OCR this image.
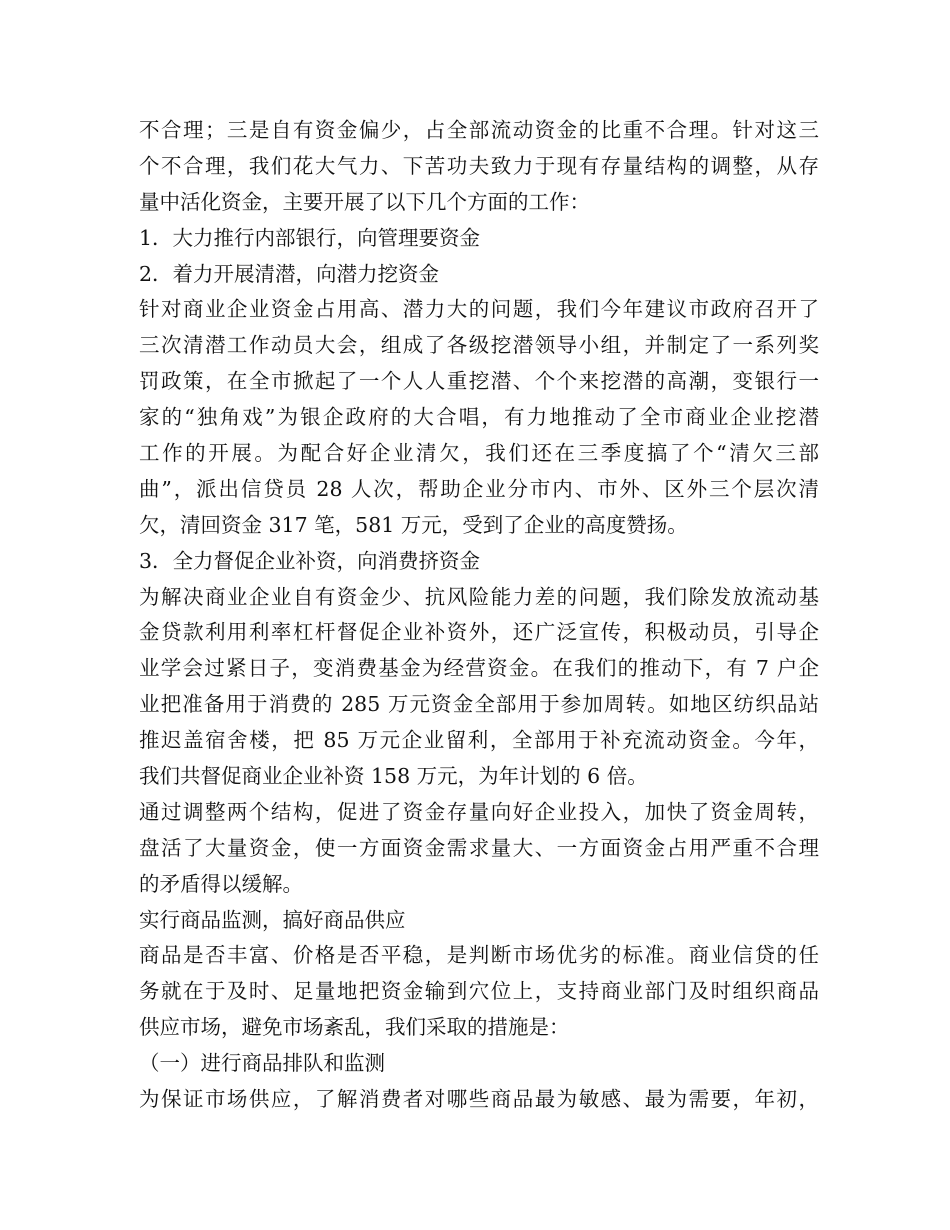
不合理；三是自有资金偏少，占全部流动资金的比重不合理。针对这三
个不合理，我们花大气力、下苦功夫致力于现有存量结构的调整，从存
量中活化资金，主要开展了以下几个方面的工作：
1．大力推行内部银行，向管理要资金
2．着力开展清潜，向潜力挖资金
针对商业企业资金占用高、潜力大的问题，我们今年建议市政府召开了
三次清潜工作动员大会，组成了各级挖潜领导小组，并制定了一系列奖
罚政策，在全市掀起了一个人人重挖潜、个个来挖潜的高潮，变银行一
家的“独角戏”为银企政府的大合唱，有力地推动了全市商业企业挖潜
工作的开展。为配合好企业清欠，我们还在三季度搞了个“清欠三部
曲”，派出信贷员 28 人次，帮助企业分市内、市外、区外三个层次清
欠，清回资金 317 笔，581 万元，受到了企业的高度赞扬。
3．全力督促企业补资，向消费挤资金
为解决商业企业自有资金少、抗风险能力差的问题，我们除发放流动基
金贷款利用利率杠杆督促企业补资外，还广泛宣传，积极动员，引导企
业学会过紧日子，变消费基金为经营资金。在我们的推动下，有 7 户企
业把准备用于消费的 285 万元资金全部用于参加周转。如地区纺织品站
推迟盖宿舍楼，把 85 万元企业留利，全部用于补充流动资金。今年，
我们共督促商业企业补资 158 万元，为年计划的 6 倍。
通过调整两个结构，促进了资金存量向好企业投入，加快了资金周转，
盘活了大量资金，使一方面资金需求量大、一方面资金占用严重不合理
的矛盾得以缓解。
实行商品监测，搞好商品供应
商品是否丰富、价格是否平稳，是判断市场优劣的标准。商业信贷的任
务就在于及时、足量地把资金输到穴位上，支持商业部门及时组织商品
供应市场，避免市场紊乱，我们采取的措施是：
（一）进行商品排队和监测
为保证市场供应，了解消费者对哪些商品最为敏感、最为需要，年初，
